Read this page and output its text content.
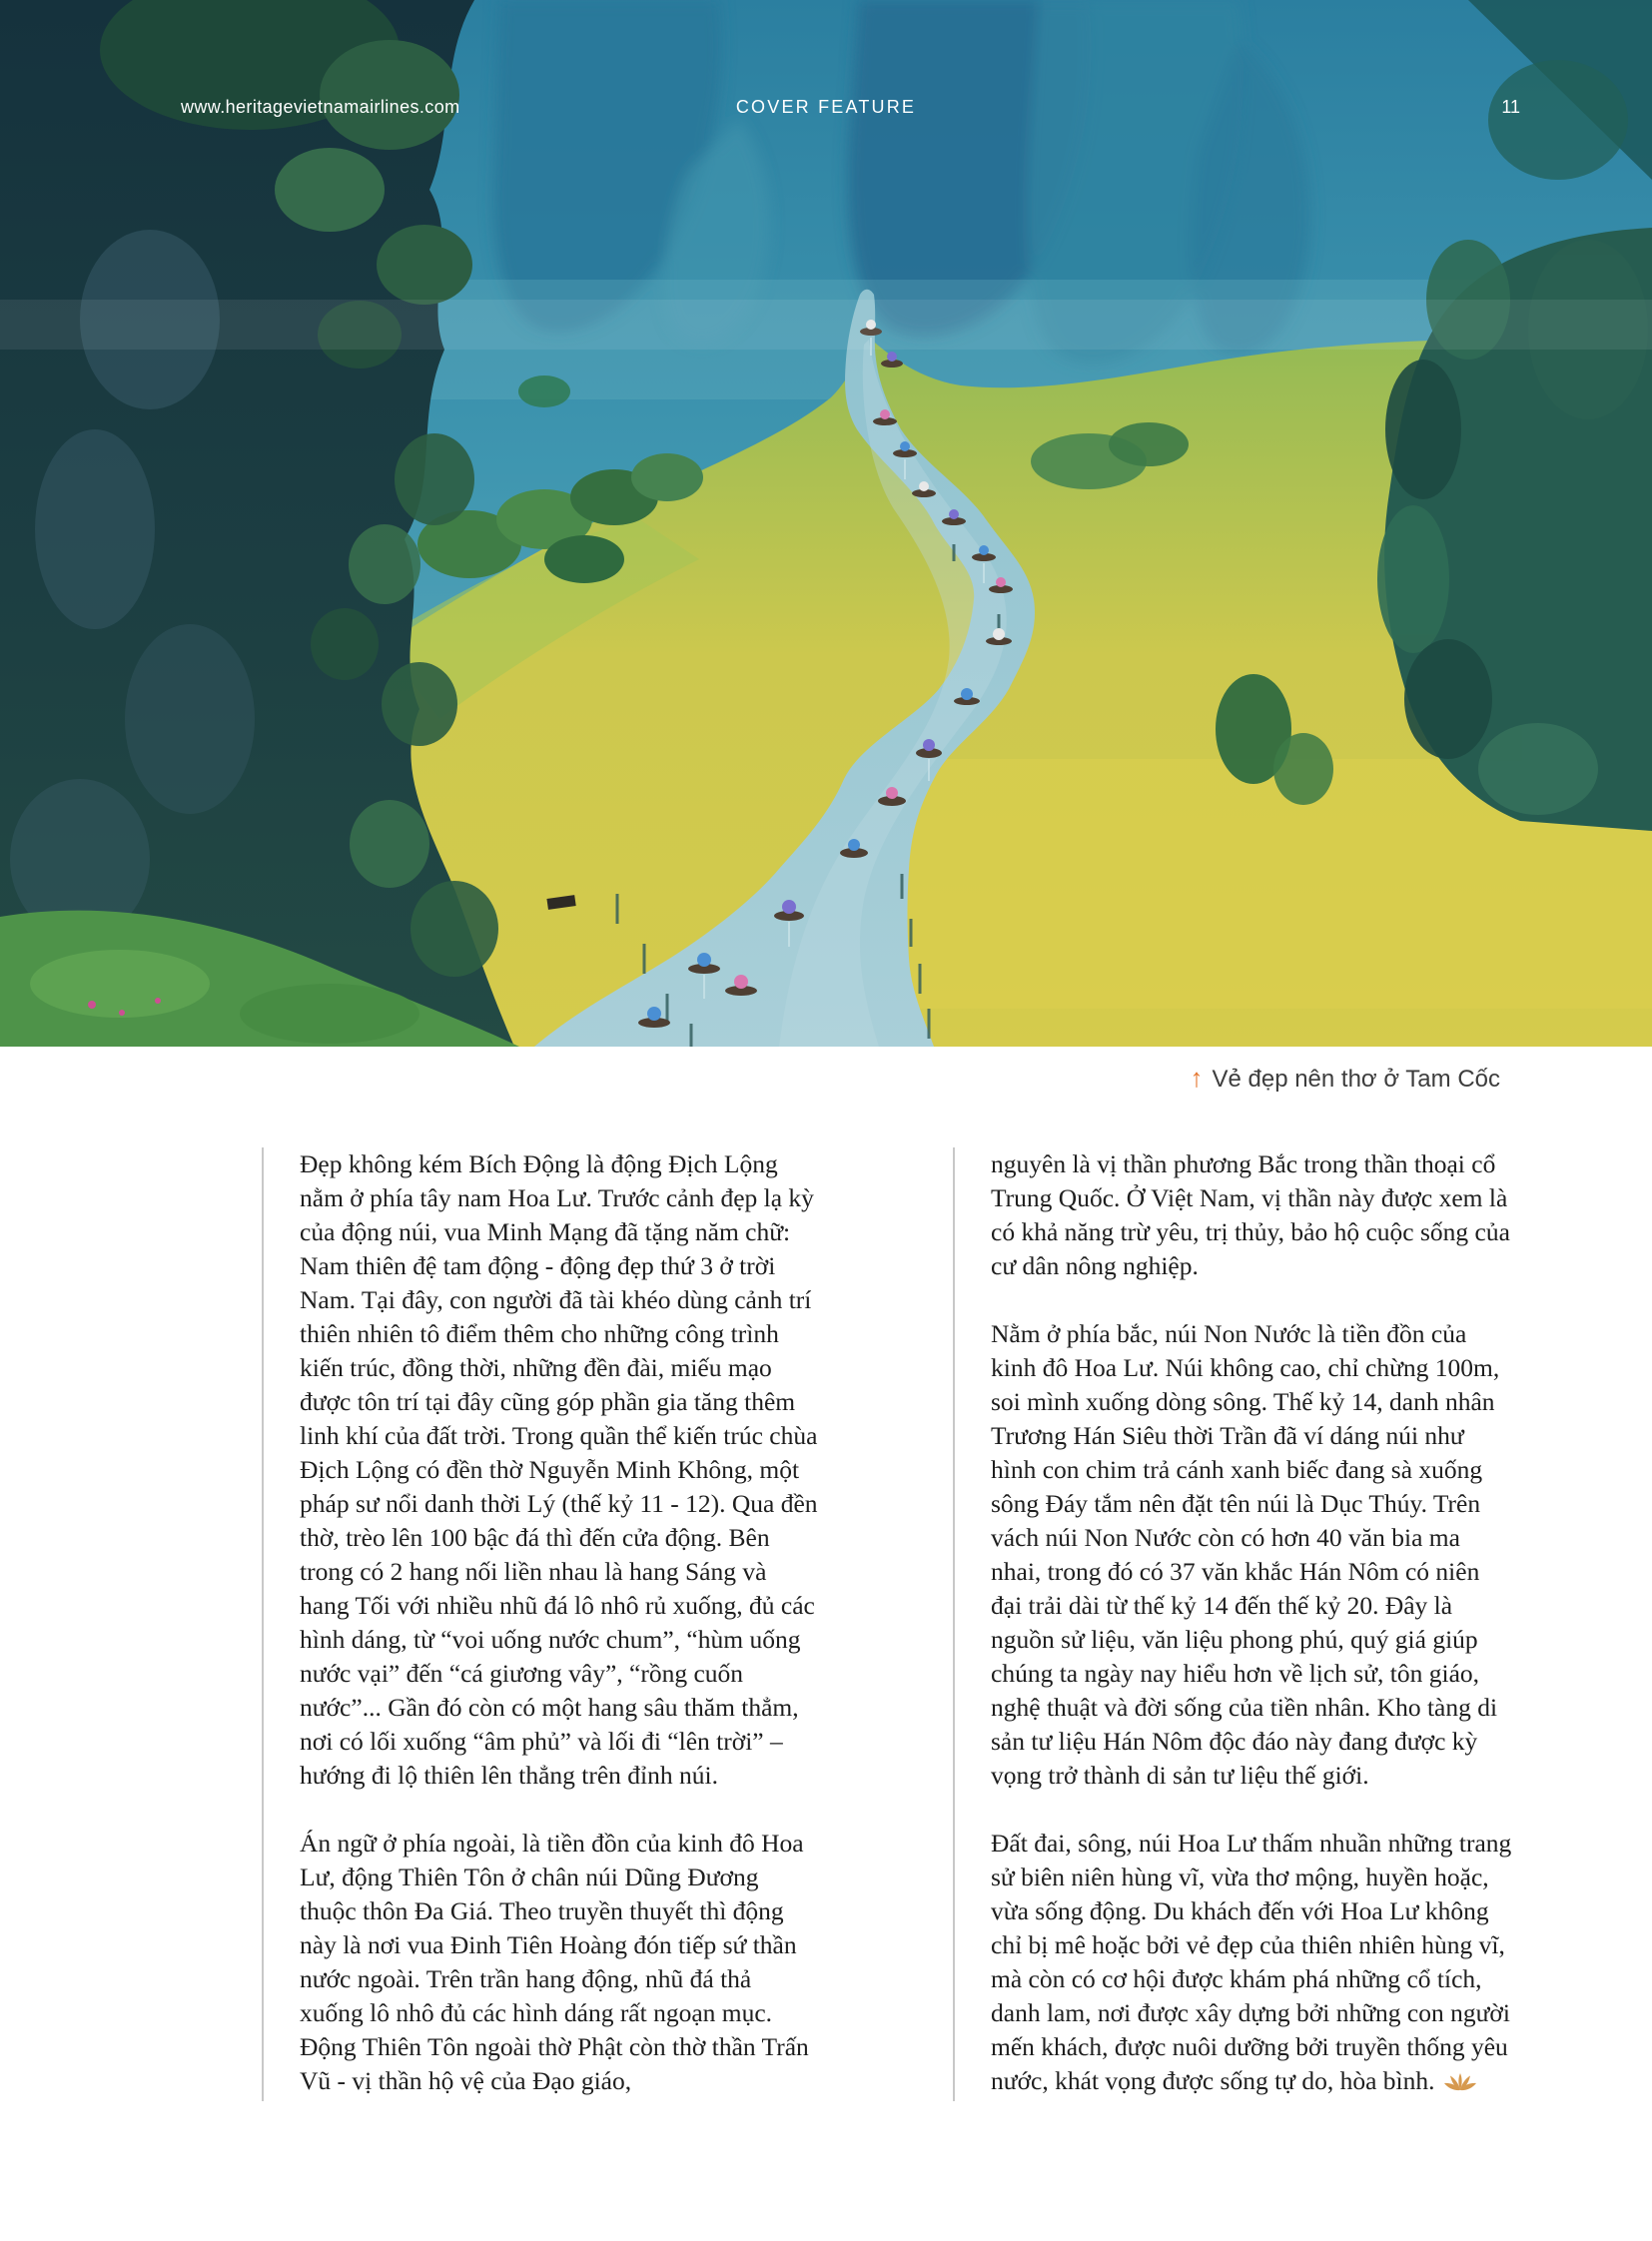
www.heritagevietnamairlines.com	COVER FEATURE	11
↑ Vẻ đẹp nên thơ ở Tam Cốc

Đẹp không kém Bích Động là động Địch Lộng nằm ở phía tây nam Hoa Lư. Trước cảnh đẹp lạ kỳ của động núi, vua Minh Mạng đã tặng năm chữ: Nam thiên đệ tam động - động đẹp thứ 3 ở trời Nam. Tại đây, con người đã tài khéo dùng cảnh trí thiên nhiên tô điểm thêm cho những công trình kiến trúc, đồng thời, những đền đài, miếu mạo được tôn trí tại đây cũng góp phần gia tăng thêm linh khí của đất trời. Trong quần thể kiến trúc chùa Địch Lộng có đền thờ Nguyễn Minh Không, một pháp sư nổi danh thời Lý (thế kỷ 11 - 12). Qua đền thờ, trèo lên 100 bậc đá thì đến cửa động. Bên trong có 2 hang nối liền nhau là hang Sáng và hang Tối với nhiều nhũ đá lô nhô rủ xuống, đủ các hình dáng, từ “voi uống nước chum”, “hùm uống nước vại” đến “cá giương vây”, “rồng cuốn nước”... Gần đó còn có một hang sâu thăm thẳm, nơi có lối xuống “âm phủ” và lối đi “lên trời” – hướng đi lộ thiên lên thẳng trên đỉnh núi.

Án ngữ ở phía ngoài, là tiền đồn của kinh đô Hoa Lư, động Thiên Tôn ở chân núi Dũng Đương thuộc thôn Đa Giá. Theo truyền thuyết thì động này là nơi vua Đinh Tiên Hoàng đón tiếp sứ thần nước ngoài. Trên trần hang động, nhũ đá thả xuống lô nhô đủ các hình dáng rất ngoạn mục. Động Thiên Tôn ngoài thờ Phật còn thờ thần Trấn Vũ - vị thần hộ vệ của Đạo giáo,

nguyên là vị thần phương Bắc trong thần thoại cổ Trung Quốc. Ở Việt Nam, vị thần này được xem là có khả năng trừ yêu, trị thủy, bảo hộ cuộc sống của cư dân nông nghiệp.

Nằm ở phía bắc, núi Non Nước là tiền đồn của kinh đô Hoa Lư. Núi không cao, chỉ chừng 100m, soi mình xuống dòng sông. Thế kỷ 14, danh nhân Trương Hán Siêu thời Trần đã ví dáng núi như hình con chim trả cánh xanh biếc đang sà xuống sông Đáy tắm nên đặt tên núi là Dục Thúy. Trên vách núi Non Nước còn có hơn 40 văn bia ma nhai, trong đó có 37 văn khắc Hán Nôm có niên đại trải dài từ thế kỷ 14 đến thế kỷ 20. Đây là nguồn sử liệu, văn liệu phong phú, quý giá giúp chúng ta ngày nay hiểu hơn về lịch sử, tôn giáo, nghệ thuật và đời sống của tiền nhân. Kho tàng di sản tư liệu Hán Nôm độc đáo này đang được kỳ vọng trở thành di sản tư liệu thế giới.

Đất đai, sông, núi Hoa Lư thấm nhuần những trang sử biên niên hùng vĩ, vừa thơ mộng, huyền hoặc, vừa sống động. Du khách đến với Hoa Lư không chỉ bị mê hoặc bởi vẻ đẹp của thiên nhiên hùng vĩ, mà còn có cơ hội được khám phá những cổ tích, danh lam, nơi được xây dựng bởi những con người mến khách, được nuôi dưỡng bởi truyền thống yêu nước, khát vọng được sống tự do, hòa bình.
